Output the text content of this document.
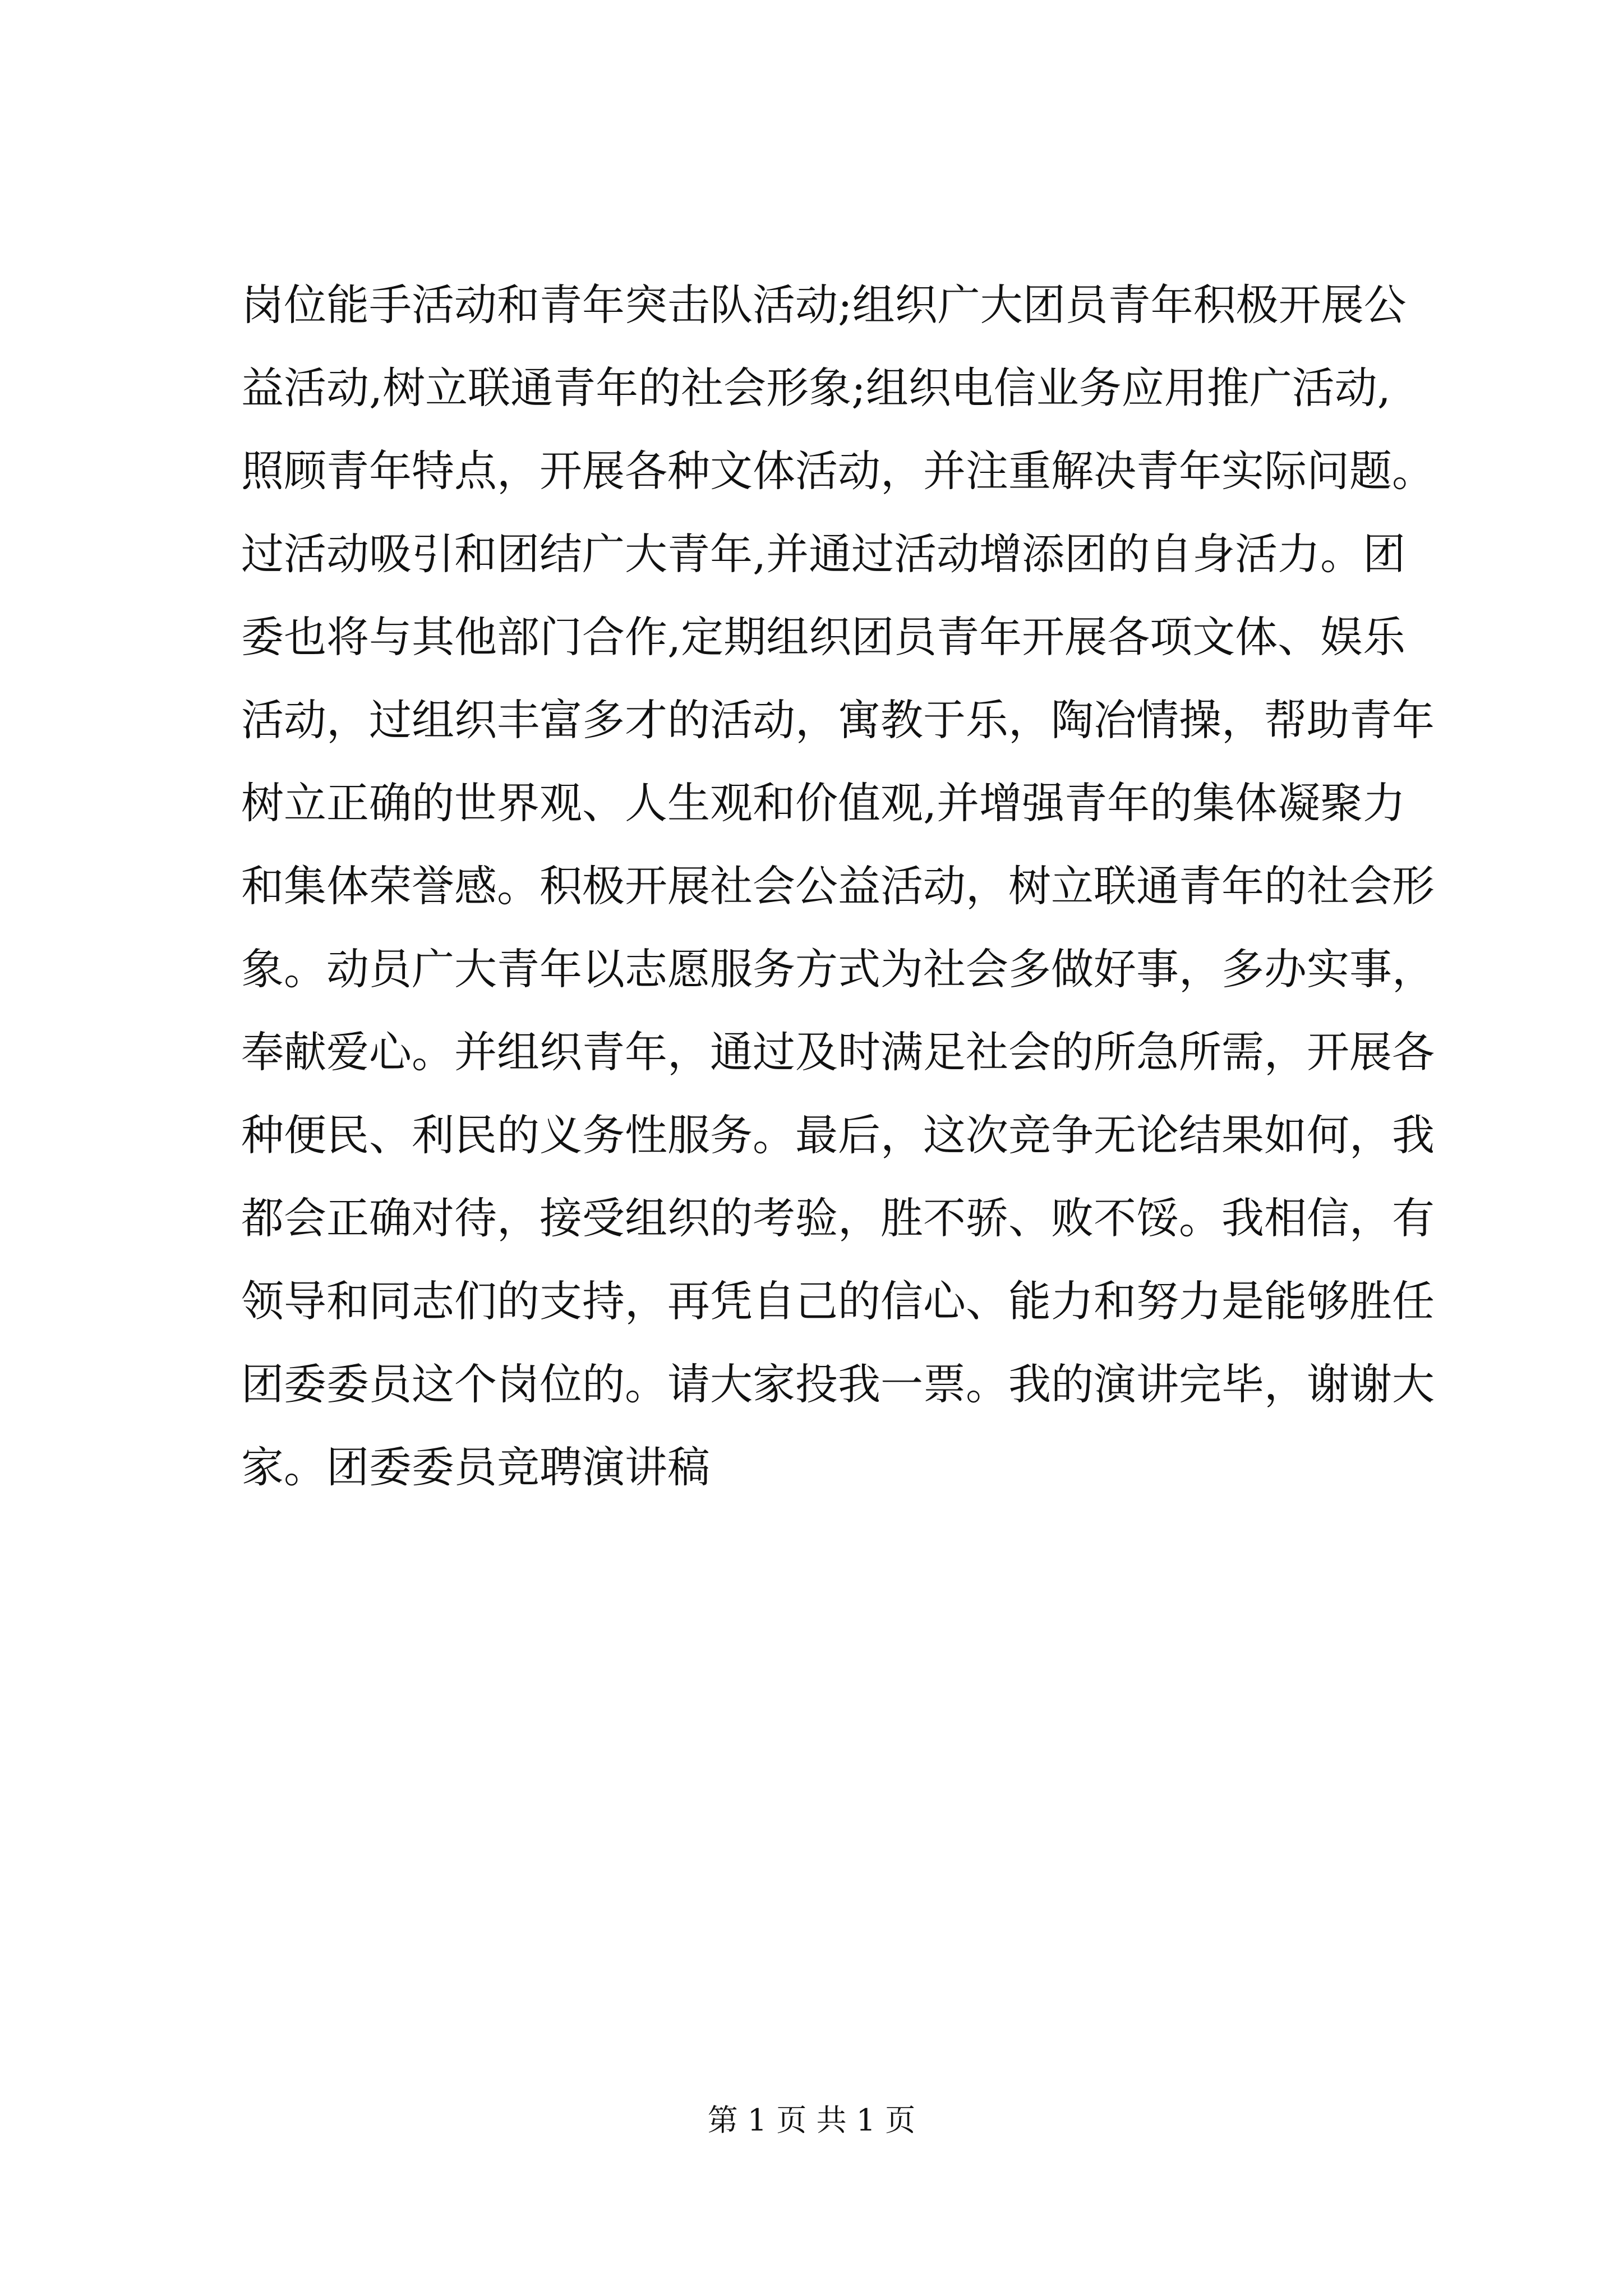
岗位能手活动和青年突击队活动;组织广大团员青年积极开展公
益活动,树立联通青年的社会形象;组织电信业务应用推广活动,
照顾青年特点，开展各种文体活动，并注重解决青年实际问题。
过活动吸引和团结广大青年,并通过活动增添团的自身活力。团
委也将与其他部门合作,定期组织团员青年开展各项文体、娱乐
活动，过组织丰富多才的活动，寓教于乐，陶冶情操，帮助青年
树立正确的世界观、人生观和价值观,并增强青年的集体凝聚力
和集体荣誉感。积极开展社会公益活动，树立联通青年的社会形
象。动员广大青年以志愿服务方式为社会多做好事，多办实事，
奉献爱心。并组织青年，通过及时满足社会的所急所需，开展各
种便民、利民的义务性服务。最后，这次竞争无论结果如何，我
都会正确对待，接受组织的考验，胜不骄、败不馁。我相信，有
领导和同志们的支持，再凭自己的信心、能力和努力是能够胜任
团委委员这个岗位的。请大家投我一票。我的演讲完毕，谢谢大
家。团委委员竞聘演讲稿
第 1 页 共 1 页
